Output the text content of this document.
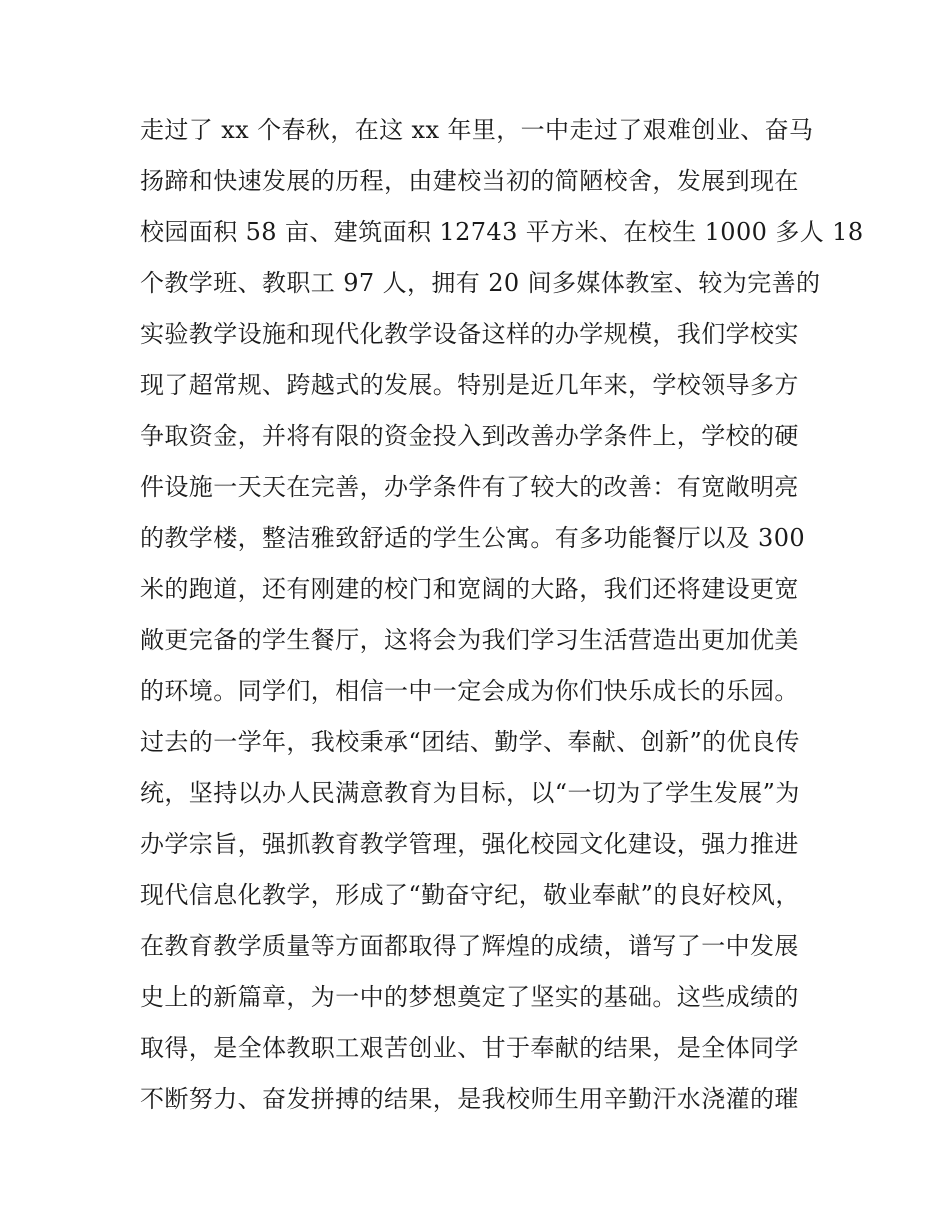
走过了 xx 个春秋，在这 xx 年里，一中走过了艰难创业、奋马
扬蹄和快速发展的历程，由建校当初的简陋校舍，发展到现在
校园面积 58 亩、建筑面积 12743 平方米、在校生 1000 多人 18
个教学班、教职工 97 人，拥有 20 间多媒体教室、较为完善的
实验教学设施和现代化教学设备这样的办学规模，我们学校实
现了超常规、跨越式的发展。特别是近几年来，学校领导多方
争取资金，并将有限的资金投入到改善办学条件上，学校的硬
件设施一天天在完善，办学条件有了较大的改善：有宽敞明亮
的教学楼，整洁雅致舒适的学生公寓。有多功能餐厅以及 300
米的跑道，还有刚建的校门和宽阔的大路，我们还将建设更宽
敞更完备的学生餐厅，这将会为我们学习生活营造出更加优美
的环境。同学们，相信一中一定会成为你们快乐成长的乐园。
过去的一学年，我校秉承“团结、勤学、奉献、创新”的优良传
统，坚持以办人民满意教育为目标，以“一切为了学生发展”为
办学宗旨，强抓教育教学管理，强化校园文化建设，强力推进
现代信息化教学，形成了“勤奋守纪，敬业奉献”的良好校风，
在教育教学质量等方面都取得了辉煌的成绩，谱写了一中发展
史上的新篇章，为一中的梦想奠定了坚实的基础。这些成绩的
取得，是全体教职工艰苦创业、甘于奉献的结果，是全体同学
不断努力、奋发拼搏的结果，是我校师生用辛勤汗水浇灌的璀
